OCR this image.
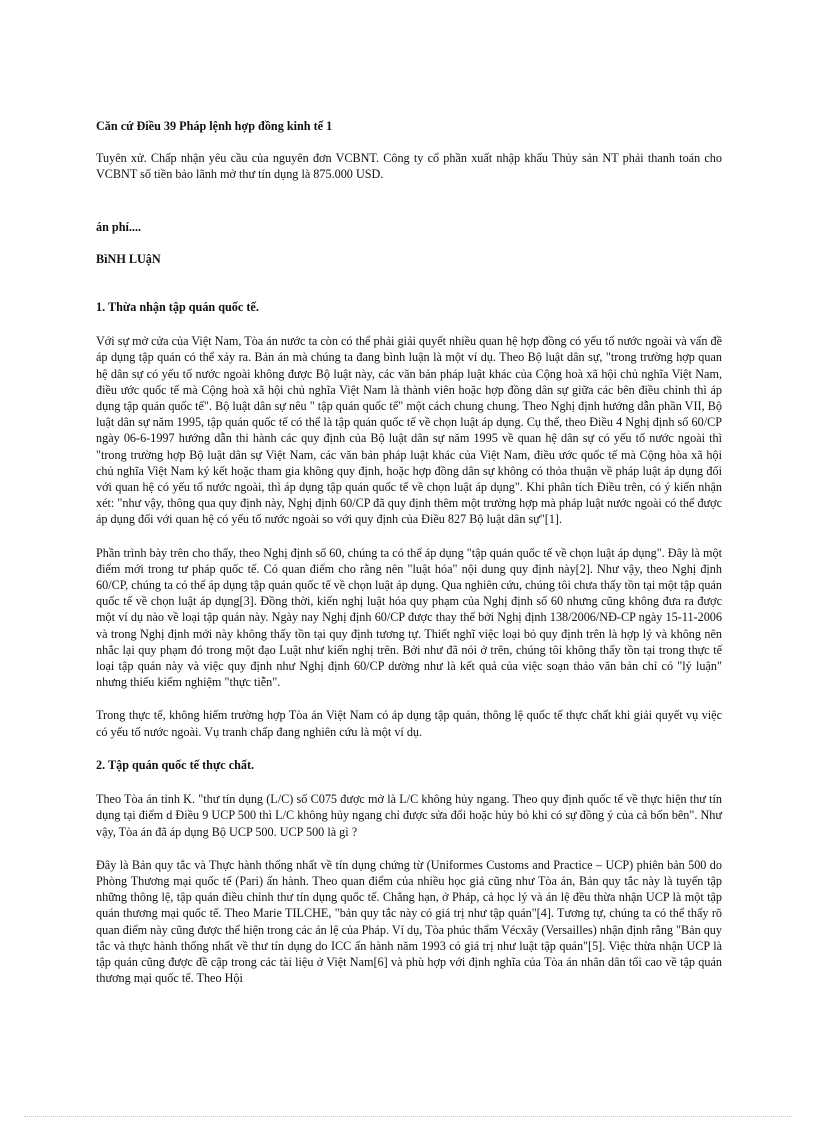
Căn cứ Điều 39 Pháp lệnh hợp đồng kinh tế 1

Tuyên xử. Chấp nhận yêu cầu của nguyên đơn VCBNT. Công ty cổ phần xuất nhập khẩu Thủy sản NT phải thanh toán cho VCBNT số tiền bảo lãnh mở thư tín dụng là 875.000 USD.

án phí....

BìNH LUậN

1. Thừa nhận tập quán quốc tế.

Với sự mở cửa của Việt Nam, Tòa án nước ta còn có thể phải giải quyết nhiều quan hệ hợp đồng có yếu tố nước ngoài và vấn đề áp dụng tập quán có thể xảy ra. Bản án mà chúng ta đang bình luận là một ví dụ. Theo Bộ luật dân sự, "trong trường hợp quan hệ dân sự có yếu tố nước ngoài không được Bộ luật này, các văn bản pháp luật khác của Cộng hoà xã hội chủ nghĩa Việt Nam, điều ước quốc tế mà Cộng hoà xã hội chủ nghĩa Việt Nam là thành viên hoặc hợp đồng dân sự giữa các bên điều chỉnh thì áp dụng tập quán quốc tế". Bộ luật dân sự nêu " tập quán quốc tế" một cách chung chung. Theo Nghị định hướng dẫn phần VII, Bộ luật dân sự năm 1995, tập quán quốc tế có thể là tập quán quốc tế về chọn luật áp dụng. Cụ thể, theo Điều 4 Nghị định số 60/CP ngày 06-6-1997 hướng dẫn thi hành các quy định của Bộ luật dân sự năm 1995 về quan hệ dân sự có yếu tố nước ngoài thì "trong trường hợp Bộ luật dân sự Việt Nam, các văn bản pháp luật khác của Việt Nam, điều ước quốc tế mà Cộng hòa xã hội chủ nghĩa Việt Nam ký kết hoặc tham gia không quy định, hoặc hợp đồng dân sự không có thỏa thuận về pháp luật áp dụng đối với quan hệ có yếu tố nước ngoài, thì áp dụng tập quán quốc tế về chọn luật áp dụng". Khi phân tích Điều trên, có ý kiến nhận xét: "như vậy, thông qua quy định này, Nghị định 60/CP đã quy định thêm một trường hợp mà pháp luật nước ngoài có thể được áp dụng đối với quan hệ có yếu tố nước ngoài so với quy định của Điều 827 Bộ luật dân sự"[1].

Phần trình bày trên cho thấy, theo Nghị định số 60, chúng ta có thể áp dụng "tập quán quốc tế về chọn luật áp dụng". Đây là một điểm mới trong tư pháp quốc tế. Có quan điểm cho rằng nên "luật hóa" nội dung quy định này[2]. Như vậy, theo Nghị định 60/CP, chúng ta có thể áp dụng tập quán quốc tế về chọn luật áp dụng. Qua nghiên cứu, chúng tôi chưa thấy tồn tại một tập quán quốc tế về chọn luật áp dụng[3]. Đồng thời, kiến nghị luật hóa quy phạm của Nghị định số 60 nhưng cũng không đưa ra được một ví dụ nào về loại tập quán này. Ngày nay Nghị định 60/CP được thay thế bởi Nghị định 138/2006/NĐ-CP ngày 15-11-2006 và trong Nghị định mới này không thấy tồn tại quy định tương tự. Thiết nghĩ việc loại bỏ quy định trên là hợp lý và không nên nhắc lại quy phạm đó trong một đạo Luật như kiến nghị trên. Bởi như đã nói ở trên, chúng tôi không thấy tồn tại trong thực tế loại tập quán này và việc quy định như Nghị định 60/CP dường như là kết quả của việc soạn thảo văn bản chỉ có "lý luận" nhưng thiếu kiểm nghiệm "thực tiễn".

Trong thực tế, không hiếm trường hợp Tòa án Việt Nam có áp dụng tập quán, thông lệ quốc tế thực chất khi giải quyết vụ việc có yếu tố nước ngoài. Vụ tranh chấp đang nghiên cứu là một ví dụ.

2. Tập quán quốc tế thực chất.

Theo Tòa án tỉnh K. "thư tín dụng (L/C) số C075 được mở là L/C không hủy ngang. Theo quy định quốc tế về thực hiện thư tín dụng tại điểm d Điều 9 UCP 500 thì L/C không hủy ngang chỉ được sửa đổi hoặc hủy bỏ khi có sự đồng ý của cả bốn bên". Như vậy, Tòa án đã áp dụng Bộ UCP 500. UCP 500 là gì ?

Đây là Bản quy tắc và Thực hành thống nhất về tín dụng chứng từ (Uniformes Customs and Practice – UCP) phiên bản 500 do Phòng Thương mại quốc tế (Pari) ấn hành. Theo quan điểm của nhiều học giả cũng như Tòa án, Bản quy tắc này là tuyển tập những thông lệ, tập quán điều chỉnh thư tín dụng quốc tế. Chẳng hạn, ở Pháp, cả học lý và án lệ đều thừa nhận UCP là một tập quán thương mại quốc tế. Theo Marie TILCHE, "bản quy tắc này có giá trị như tập quán"[4]. Tương tự, chúng ta có thể thấy rõ quan điểm này cũng được thể hiện trong các án lệ của Pháp. Ví dụ, Tòa phúc thẩm Vécxây (Versailles) nhận định rằng "Bản quy tắc và thực hành thống nhất về thư tín dụng do ICC ấn hành năm 1993 có giá trị như luật tập quán"[5]. Việc thừa nhận UCP là tập quán cũng được đề cập trong các tài liệu ở Việt Nam[6] và phù hợp với định nghĩa của Tòa án nhân dân tối cao về tập quán thương mại quốc tế. Theo Hội
